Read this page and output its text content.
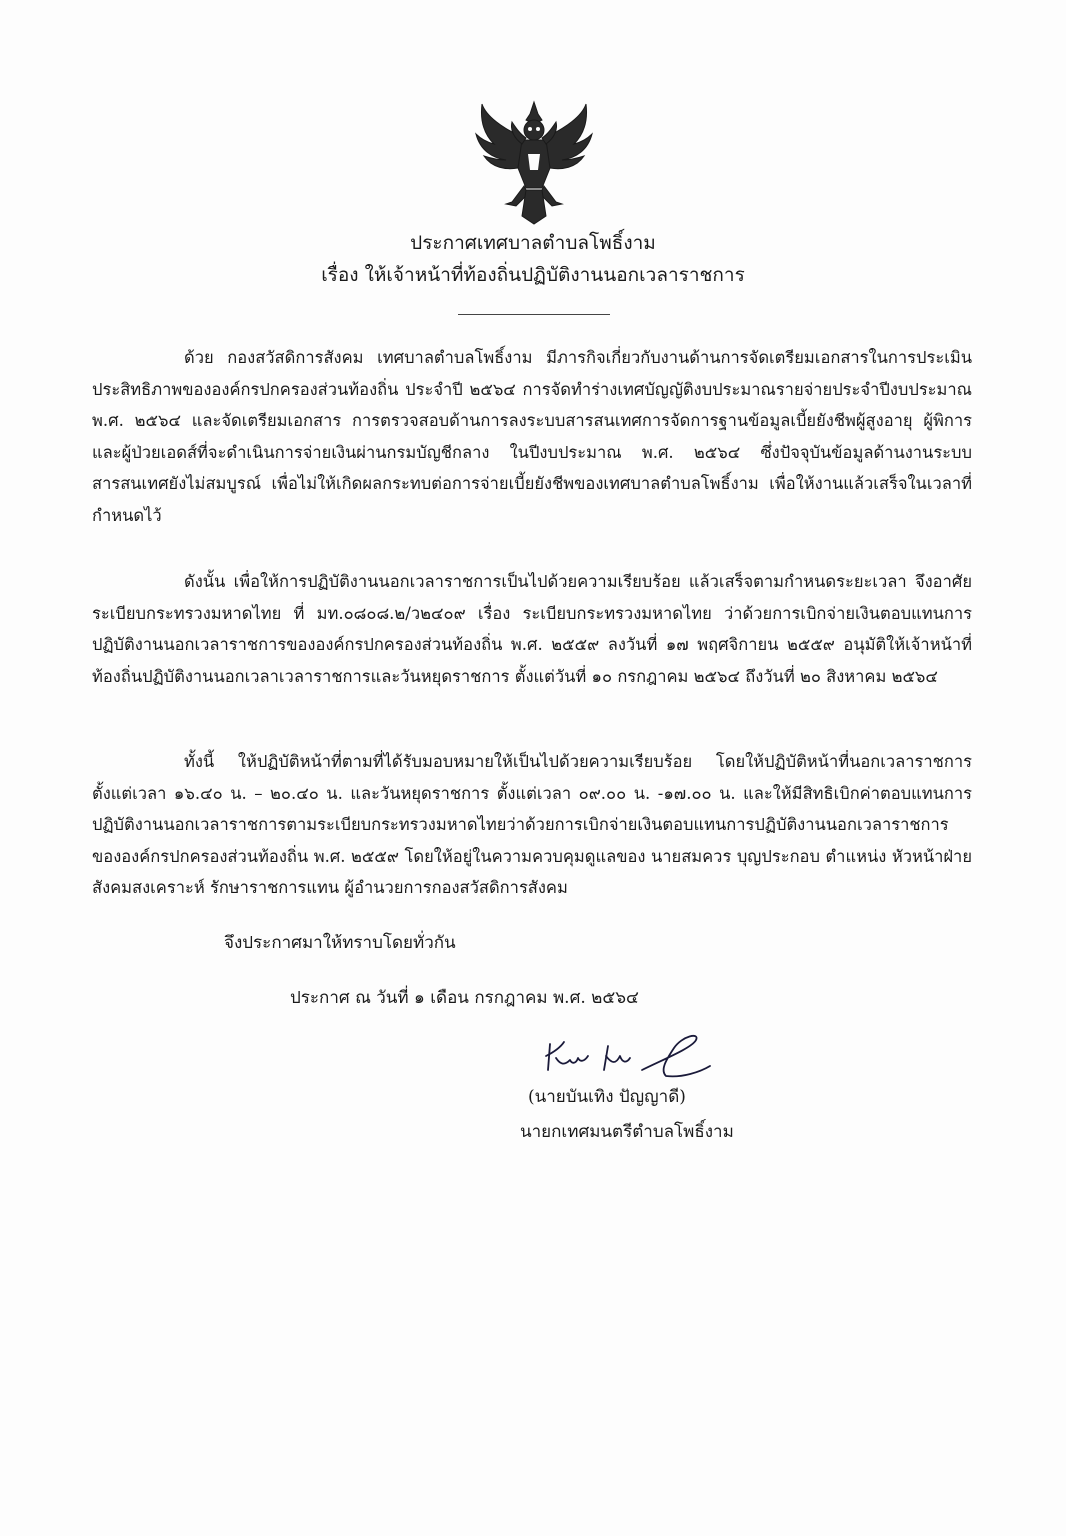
ประกาศเทศบาลตำบลโพธิ์งาม
เรื่อง ให้เจ้าหน้าที่ท้องถิ่นปฏิบัติงานนอกเวลาราชการ

ด้วย กองสวัสดิการสังคม เทศบาลตำบลโพธิ์งาม มีภารกิจเกี่ยวกับงานด้านการจัดเตรียมเอกสารในการประเมินประสิทธิภาพขององค์กรปกครองส่วนท้องถิ่น ประจำปี ๒๕๖๔ การจัดทำร่างเทศบัญญัติงบประมาณรายจ่ายประจำปีงบประมาณ พ.ศ. ๒๕๖๔ และจัดเตรียมเอกสาร การตรวจสอบด้านการลงระบบสารสนเทศการจัดการฐานข้อมูลเบี้ยยังชีพผู้สูงอายุ ผู้พิการและผู้ป่วยเอดส์ที่จะดำเนินการจ่ายเงินผ่านกรมบัญชีกลาง ในปีงบประมาณ พ.ศ. ๒๕๖๔ ซึ่งปัจจุบันข้อมูลด้านงานระบบสารสนเทศยังไม่สมบูรณ์ เพื่อไม่ให้เกิดผลกระทบต่อการจ่ายเบี้ยยังชีพของเทศบาลตำบลโพธิ์งาม เพื่อให้งานแล้วเสร็จในเวลาที่กำหนดไว้

ดังนั้น เพื่อให้การปฏิบัติงานนอกเวลาราชการเป็นไปด้วยความเรียบร้อย แล้วเสร็จตามกำหนดระยะเวลา จึงอาศัยระเบียบกระทรวงมหาดไทย ที่ มท.๐๘๐๘.๒/ว๒๔๐๙ เรื่อง ระเบียบกระทรวงมหาดไทย ว่าด้วยการเบิกจ่ายเงินตอบแทนการปฏิบัติงานนอกเวลาราชการขององค์กรปกครองส่วนท้องถิ่น พ.ศ. ๒๕๕๙ ลงวันที่ ๑๗ พฤศจิกายน ๒๕๕๙ อนุมัติให้เจ้าหน้าที่ท้องถิ่นปฏิบัติงานนอกเวลาเวลาราชการและวันหยุดราชการ ตั้งแต่วันที่ ๑๐ กรกฎาคม ๒๕๖๔ ถึงวันที่ ๒๐ สิงหาคม ๒๕๖๔

ทั้งนี้ ให้ปฏิบัติหน้าที่ตามที่ได้รับมอบหมายให้เป็นไปด้วยความเรียบร้อย โดยให้ปฏิบัติหน้าที่นอกเวลาราชการ ตั้งแต่เวลา ๑๖.๔๐ น. – ๒๐.๔๐ น. และวันหยุดราชการ ตั้งแต่เวลา ๐๙.๐๐ น. -๑๗.๐๐ น. และให้มีสิทธิเบิกค่าตอบแทนการปฏิบัติงานนอกเวลาราชการตามระเบียบกระทรวงมหาดไทยว่าด้วยการเบิกจ่ายเงินตอบแทนการปฏิบัติงานนอกเวลาราชการขององค์กรปกครองส่วนท้องถิ่น พ.ศ. ๒๕๕๙ โดยให้อยู่ในความควบคุมดูแลของ นายสมควร บุญประกอบ ตำแหน่ง หัวหน้าฝ่ายสังคมสงเคราะห์ รักษาราชการแทน ผู้อำนวยการกองสวัสดิการสังคม

จึงประกาศมาให้ทราบโดยทั่วกัน
ประกาศ ณ วันที่ ๑ เดือน กรกฎาคม พ.ศ. ๒๕๖๔
(นายบันเทิง ปัญญาดี)
นายกเทศมนตรีตำบลโพธิ์งาม
